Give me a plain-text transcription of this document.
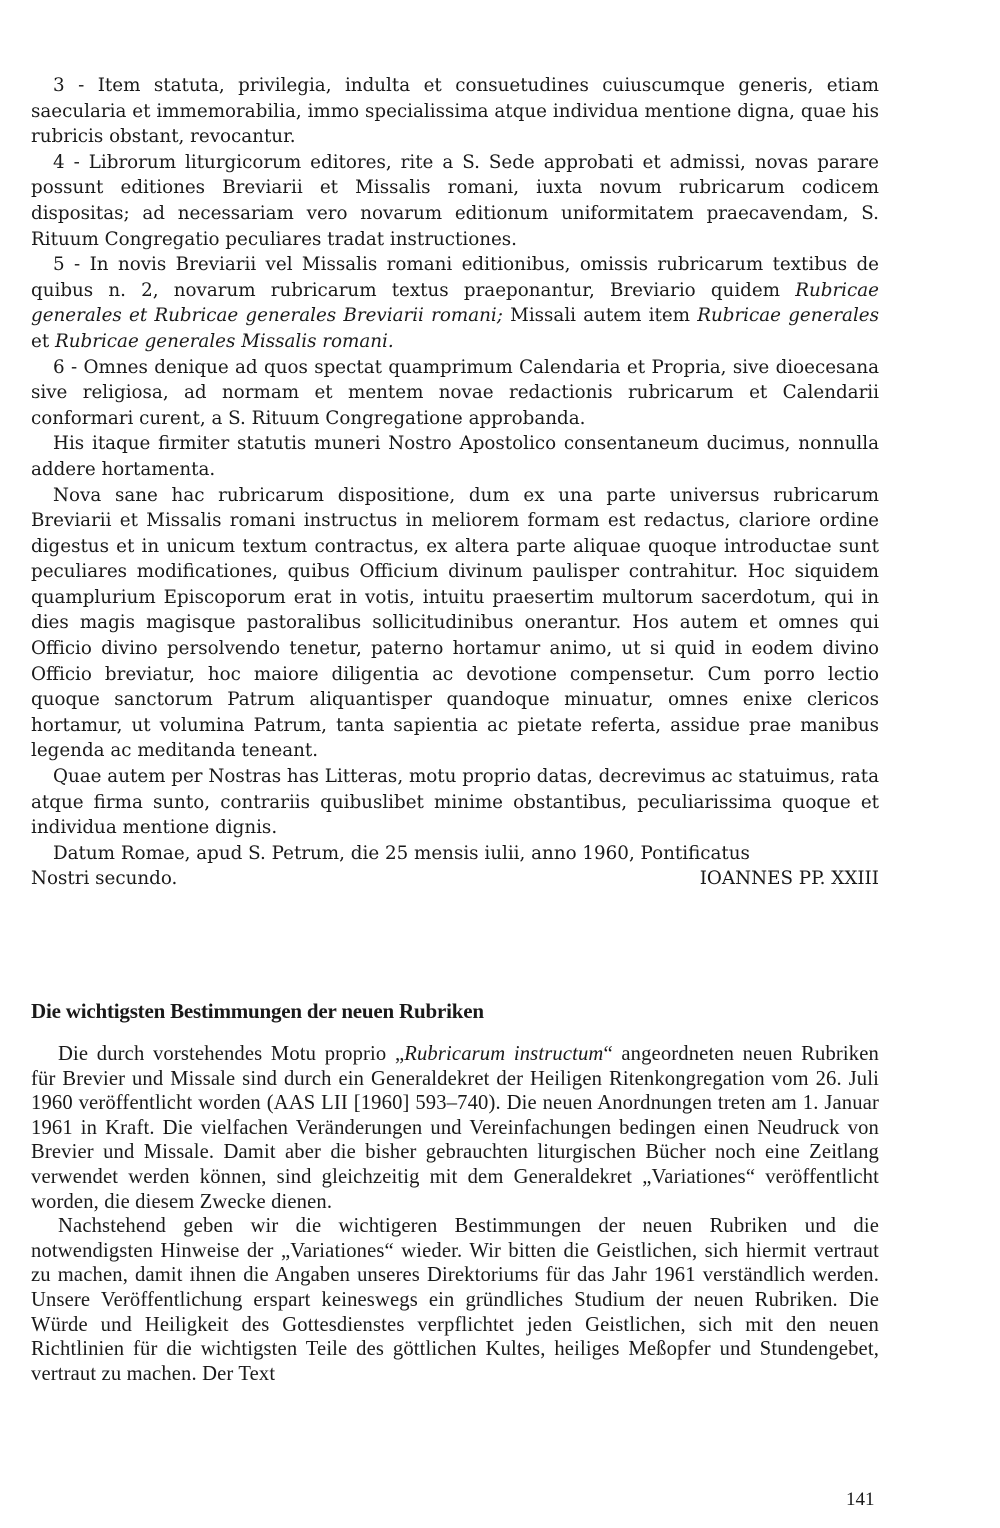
3 - Item statuta, privilegia, indulta et consuetudines cuiuscumque generis, etiam saecularia et immemorabilia, immo specialissima atque individua mentione digna, quae his rubricis obstant, revocantur.

4 - Librorum liturgicorum editores, rite a S. Sede approbati et admissi, novas parare possunt editiones Breviarii et Missalis romani, iuxta novum rubricarum codicem dispositas; ad necessariam vero novarum editionum uniformitatem praecavendam, S. Rituum Congregatio peculiares tradat instructiones.

5 - In novis Breviarii vel Missalis romani editionibus, omissis rubricarum textibus de quibus n. 2, novarum rubricarum textus praeponantur, Breviario quidem Rubricae generales et Rubricae generales Breviarii romani; Missali autem item Rubricae generales et Rubricae generales Missalis romani.

6 - Omnes denique ad quos spectat quamprimum Calendaria et Propria, sive dioecesana sive religiosa, ad normam et mentem novae redactionis rubricarum et Calendarii conformari curent, a S. Rituum Congregatione approbanda.

His itaque firmiter statutis muneri Nostro Apostolico consentaneum ducimus, nonnulla addere hortamenta.

Nova sane hac rubricarum dispositione, dum ex una parte universus rubricarum Breviarii et Missalis romani instructus in meliorem formam est redactus, clariore ordine digestus et in unicum textum contractus, ex altera parte aliquae quoque introductae sunt peculiares modificationes, quibus Officium divinum paulisper contrahitur. Hoc siquidem quamplurium Episcoporum erat in votis, intuitu praesertim multorum sacerdotum, qui in dies magis magisque pastoralibus sollicitudinibus onerantur. Hos autem et omnes qui Officio divino persolvendo tenetur, paterno hortamur animo, ut si quid in eodem divino Officio breviatur, hoc maiore diligentia ac devotione compensetur. Cum porro lectio quoque sanctorum Patrum aliquantisper quandoque minuatur, omnes enixe clericos hortamur, ut volumina Patrum, tanta sapientia ac pietate referta, assidue prae manibus legenda ac meditanda teneant.

Quae autem per Nostras has Litteras, motu proprio datas, decrevimus ac statuimus, rata atque firma sunto, contrariis quibuslibet minime obstantibus, peculiarissima quoque et individua mentione dignis.

Datum Romae, apud S. Petrum, die 25 mensis iulii, anno 1960, Pontificatus

Nostri secundo.	IOANNES PP. XXIII
Die wichtigsten Bestimmungen der neuen Rubriken

Die durch vorstehendes Motu proprio „Rubricarum instructum“ angeordneten neuen Rubriken für Brevier und Missale sind durch ein Generaldekret der Heiligen Ritenkongregation vom 26. Juli 1960 veröffentlicht worden (AAS LII [1960] 593–740). Die neuen Anordnungen treten am 1. Januar 1961 in Kraft. Die vielfachen Veränderungen und Vereinfachungen bedingen einen Neudruck von Brevier und Missale. Damit aber die bisher gebrauchten liturgischen Bücher noch eine Zeitlang verwendet werden können, sind gleichzeitig mit dem Generaldekret „Variationes“ veröffentlicht worden, die diesem Zwecke dienen.

Nachstehend geben wir die wichtigeren Bestimmungen der neuen Rubriken und die notwendigsten Hinweise der „Variationes“ wieder. Wir bitten die Geistlichen, sich hiermit vertraut zu machen, damit ihnen die Angaben unseres Direktoriums für das Jahr 1961 verständlich werden. Unsere Veröffentlichung erspart keineswegs ein gründliches Studium der neuen Rubriken. Die Würde und Heiligkeit des Gottesdienstes verpflichtet jeden Geistlichen, sich mit den neuen Richtlinien für die wichtigsten Teile des göttlichen Kultes, heiliges Meßopfer und Stundengebet, vertraut zu machen. Der Text

141
